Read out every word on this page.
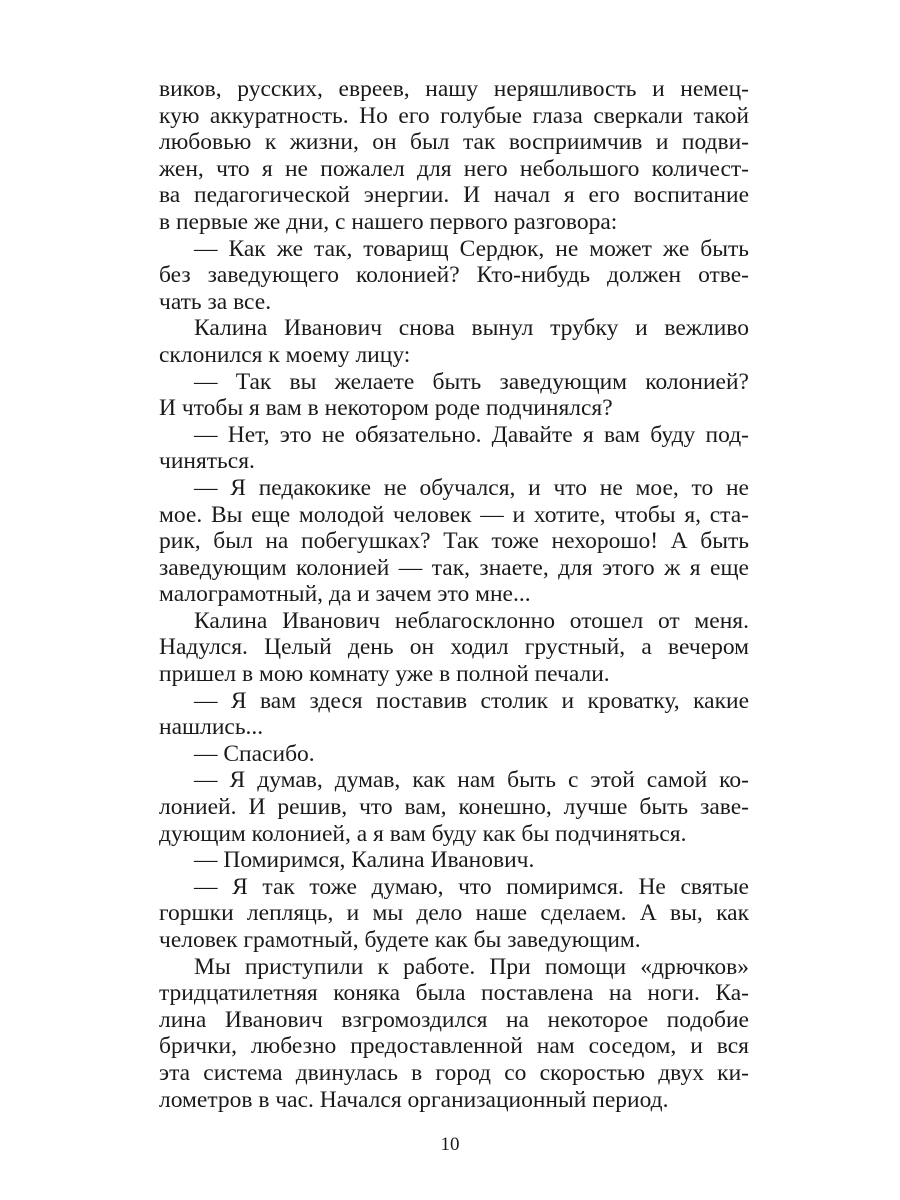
виков, русских, евреев, нашу неряшливость и немец-
кую аккуратность. Но его голубые глаза сверкали такой
любовью к жизни, он был так восприимчив и подви-
жен, что я не пожалел для него небольшого количест-
ва педагогической энергии. И начал я его воспитание
в первые же дни, с нашего первого разговора:
— Как же так, товарищ Сердюк, не может же быть
без заведующего колонией? Кто-нибудь должен отве-
чать за все.
Калина Иванович снова вынул трубку и вежливо
склонился к моему лицу:
— Так вы желаете быть заведующим колонией?
И чтобы я вам в некотором роде подчинялся?
— Нет, это не обязательно. Давайте я вам буду под-
чиняться.
— Я педакокике не обучался, и что не мое, то не
мое. Вы еще молодой человек — и хотите, чтобы я, ста-
рик, был на побегушках? Так тоже нехорошо! А быть
заведующим колонией — так, знаете, для этого ж я еще
малограмотный, да и зачем это мне...
Калина Иванович неблагосклонно отошел от меня.
Надулся. Целый день он ходил грустный, а вечером
пришел в мою комнату уже в полной печали.
— Я вам здеся поставив столик и кроватку, какие
нашлись...
— Спасибо.
— Я думав, думав, как нам быть с этой самой ко-
лонией. И решив, что вам, конешно, лучше быть заве-
дующим колонией, а я вам буду как бы подчиняться.
— Помиримся, Калина Иванович.
— Я так тоже думаю, что помиримся. Не святые
горшки лепляць, и мы дело наше сделаем. А вы, как
человек грамотный, будете как бы заведующим.
Мы приступили к работе. При помощи «дрючков»
тридцатилетняя коняка была поставлена на ноги. Ка-
лина Иванович взгромоздился на некоторое подобие
брички, любезно предоставленной нам соседом, и вся
эта система двинулась в город со скоростью двух ки-
лометров в час. Начался организационный период.
10
